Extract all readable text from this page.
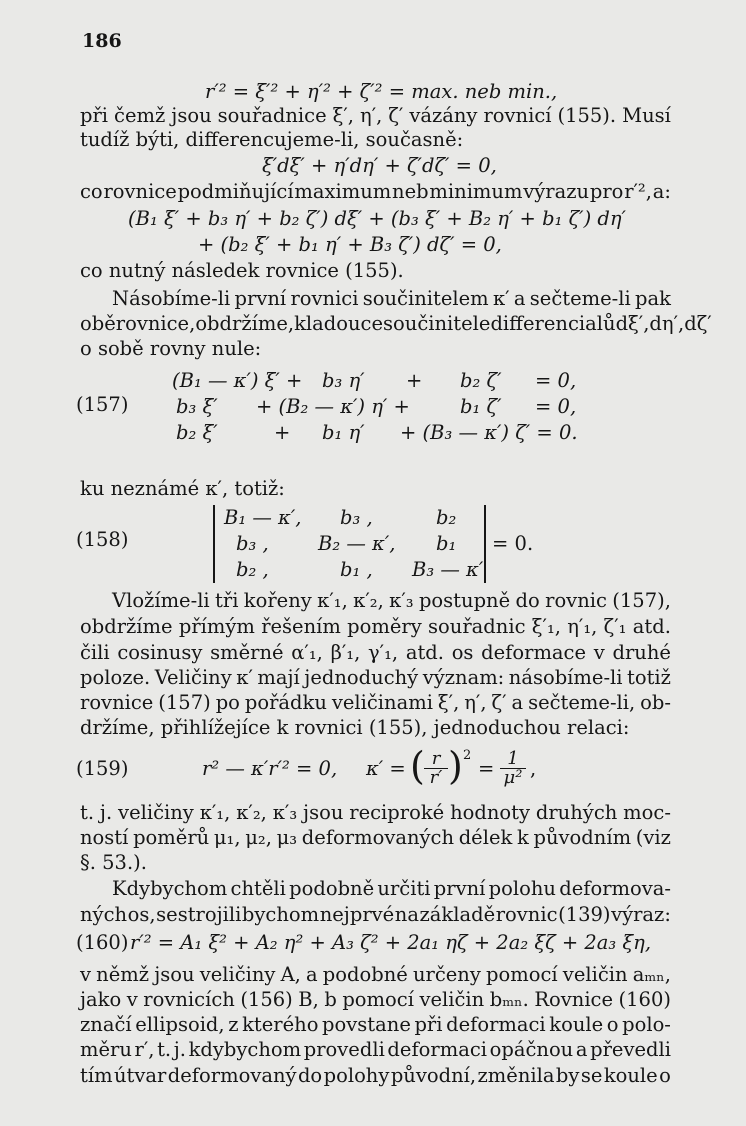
186
r′² = ξ′² + η′² + ζ′² = max. neb min.,
při čemž jsou souřadnice ξ′, η′, ζ′ vázány rovnicí (155). Musí
tudíž býti, differencujeme-li, současně:
ξ′dξ′ + η′dη′ + ζ′dζ′ = 0,
co rovnice podmiňující maximum neb minimum výrazu pro r′², a:
(B₁ ξ′ + b₃ η′ + b₂ ζ′) dξ′ + (b₃ ξ′ + B₂ η′ + b₁ ζ′) dη′
+ (b₂ ξ′ + b₁ η′ + B₃ ζ′) dζ′ = 0,
co nutný následek rovnice (155).
Násobíme-li první rovnici součinitelem κ′ a sečteme-li pak
obě rovnice, obdržíme, kladouce součinitele differencialů dξ′, dη′, dζ′
o sobě rovny nule:
(157)
(B₁ — κ′) ξ′ + b₃ η′ + b₂ ζ′ = 0,
b₃ ξ′ + (B₂ — κ′) η′ +	b₁ ζ′ = 0,
b₂ ξ′	+ b₁ η′ + (B₃ — κ′) ζ′ = 0.
ku neznámé κ′, totiž:
(158)
B₁ — κ′, b₃ ,	b₂
b₃ ,	B₂ — κ′, b₁
b₂ ,	b₁ , B₃ — κ′
= 0.
Vložíme-li tři kořeny κ′₁, κ′₂, κ′₃ postupně do rovnic (157),
obdržíme přímým řešením poměry souřadnic ξ′₁, η′₁, ζ′₁ atd.
čili cosinusy směrné α′₁, β′₁, γ′₁, atd. os deformace v druhé
poloze. Veličiny κ′ mají jednoduchý význam: násobíme-li totiž
rovnice (157) po pořádku veličinami ξ′, η′, ζ′ a sečteme-li, ob-
držíme, přihlížejíce k rovnici (155), jednoduchou relaci:
(159)	r² — κ′r′² = 0, κ′ = ( $\frac{r}{r'}$ ) 2
= $\frac{1}{\text{μ²}}$ ,
t. j. veličiny κ′₁, κ′₂, κ′₃ jsou reciproké hodnoty druhých moc-
ností poměrů μ₁, μ₂, μ₃ deformovaných délek k původním (viz
§. 53.).
Kdybychom chtěli podobně určiti první polohu deformova-
ných os, sestrojili bychom nejprvé na základě rovnic (139) výraz:
(160) r′² = A₁ ξ² + A₂ η² + A₃ ζ² + 2a₁ ηζ + 2a₂ ξζ + 2a₃ ξη,
v němž jsou veličiny A, a podobné určeny pomocí veličin aₘₙ,
jako v rovnicích (156) B, b pomocí veličin bₘₙ. Rovnice (160)
značí ellipsoid, z kterého povstane při deformaci koule o polo-
měru r′, t. j. kdybychom provedli deformaci opáčnou a převedli
tím útvar deformovaný do polohy původní, změnila by se koule o
